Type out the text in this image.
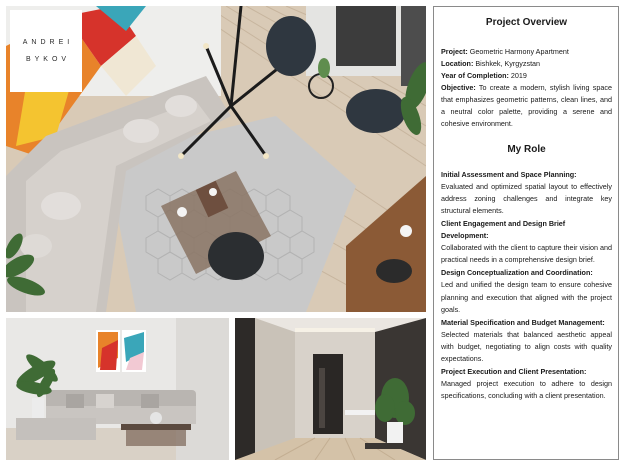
ANDREI
BYKOV
Project Overview
Project: Geometric Harmony Apartment
Location: Bishkek, Kyrgyzstan
Year of Completion: 2019
Objective: To create a modern, stylish living space that emphasizes geometric patterns, clean lines, and a neutral color palette, providing a serene and cohesive environment.
My Role
Initial Assessment and Space Planning:
Evaluated and optimized spatial layout to effectively address zoning challenges and integrate key structural elements.
Client Engagement and Design Brief Development:
Collaborated with the client to capture their vision and practical needs in a comprehensive design brief.
Design Conceptualization and Coordination:
Led and unified the design team to ensure cohesive planning and execution that aligned with the project goals.
Material Specification and Budget Management:
Selected materials that balanced aesthetic appeal with budget, negotiating to align costs with quality expectations.
Project Execution and Client Presentation:
Managed project execution to adhere to design specifications, concluding with a client presentation.
